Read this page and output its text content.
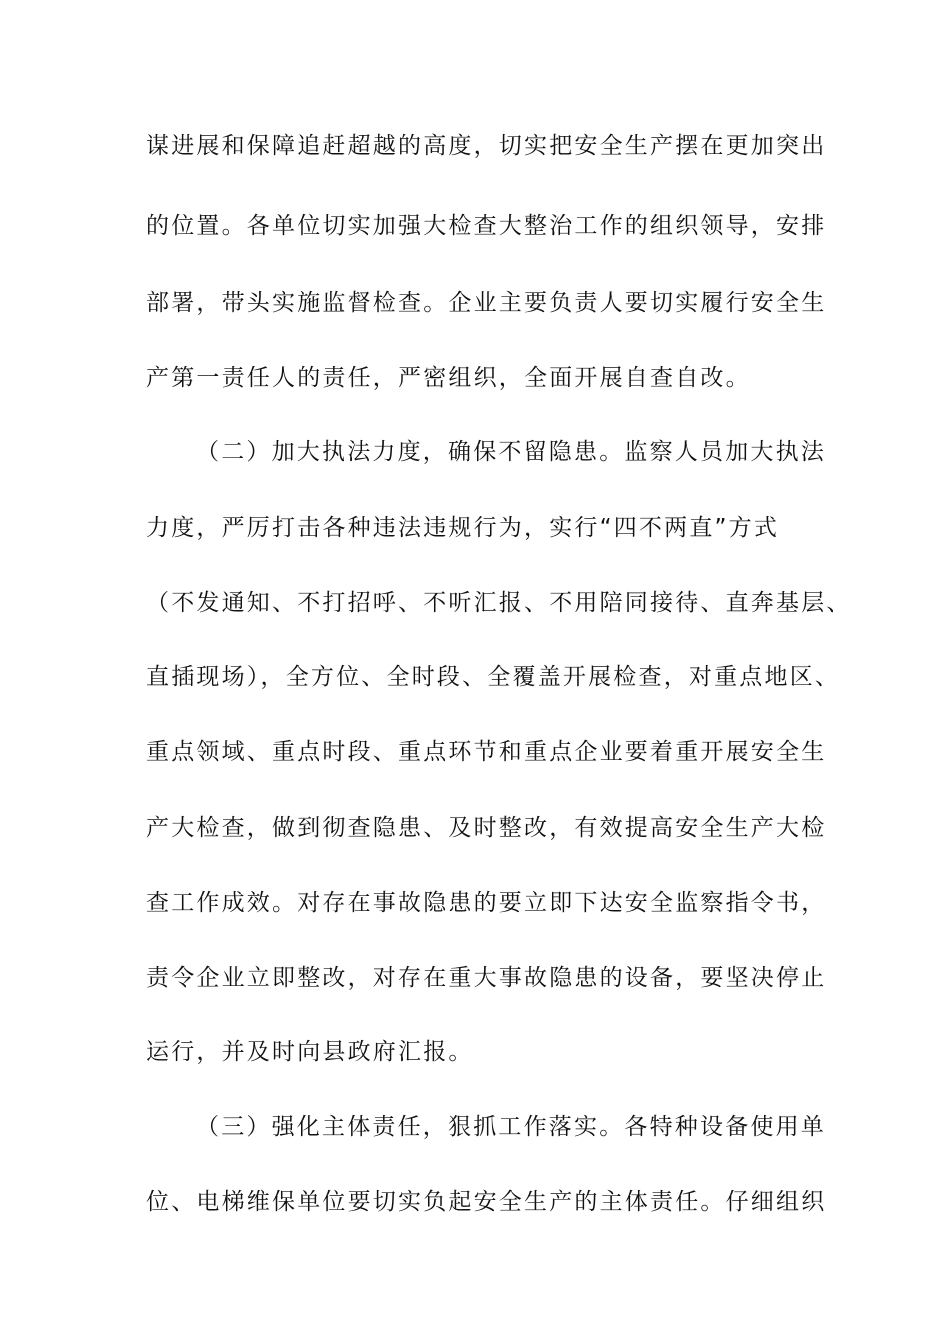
谋进展和保障追赶超越的高度，切实把安全生产摆在更加突出

的位置。各单位切实加强大检查大整治工作的组织领导，安排

部署，带头实施监督检查。企业主要负责人要切实履行安全生

产第一责任人的责任，严密组织，全面开展自查自改。

（二）加大执法力度，确保不留隐患。监察人员加大执法

力度，严厉打击各种违法违规行为，实行“四不两直”方式

（不发通知、不打招呼、不听汇报、不用陪同接待、直奔基层、

直插现场），全方位、全时段、全覆盖开展检查，对重点地区、

重点领域、重点时段、重点环节和重点企业要着重开展安全生

产大检查，做到彻查隐患、及时整改，有效提高安全生产大检

查工作成效。对存在事故隐患的要立即下达安全监察指令书，

责令企业立即整改，对存在重大事故隐患的设备，要坚决停止

运行，并及时向县政府汇报。

（三）强化主体责任，狠抓工作落实。各特种设备使用单

位、电梯维保单位要切实负起安全生产的主体责任。仔细组织
